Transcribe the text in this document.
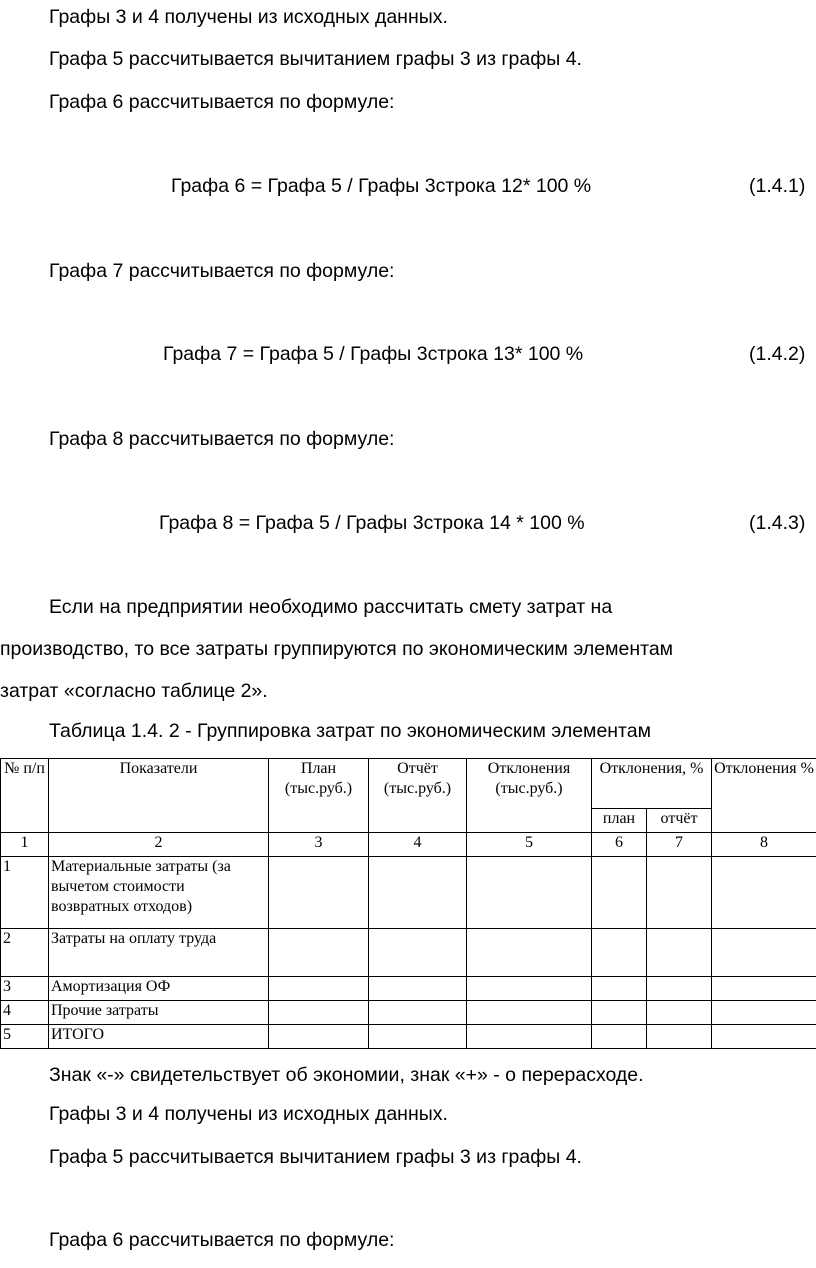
Графы 3 и 4 получены из исходных данных.
Графа 5 рассчитывается вычитанием графы 3 из графы 4.
Графа 6 рассчитывается по формуле:
Графа 6 = Графа 5 / Графы 3строка 12* 100 %	(1.4.1)
Графа 7 рассчитывается по формуле:
Графа 7 = Графа 5 / Графы 3строка 13* 100 %	(1.4.2)
Графа 8 рассчитывается по формуле:
Графа 8 = Графа 5 / Графы 3строка 14 * 100 %	(1.4.3)
Если на предприятии необходимо рассчитать смету затрат на
производство, то все затраты группируются по экономическим элементам
затрат «согласно таблице 2».
Таблица 1.4. 2 - Группировка затрат по экономическим элементам
№ п/п	Показатели	План (тыс.руб.)	Отчёт (тыс.руб.)	Отклонения (тыс.руб.)	Отклонения, %		Отклонения %
					план	отчёт	
1	2	3	4	5	6	7	8
1	Материальные затраты (за вычетом стоимости возвратных отходов)						
2	Затраты на оплату труда						
3	Амортизация ОФ						
4	Прочие затраты						
5	ИТОГО						
Знак «-» свидетельствует об экономии, знак «+» - о перерасходе.
Графы 3 и 4 получены из исходных данных.
Графа 5 рассчитывается вычитанием графы 3 из графы 4.
Графа 6 рассчитывается по формуле:
